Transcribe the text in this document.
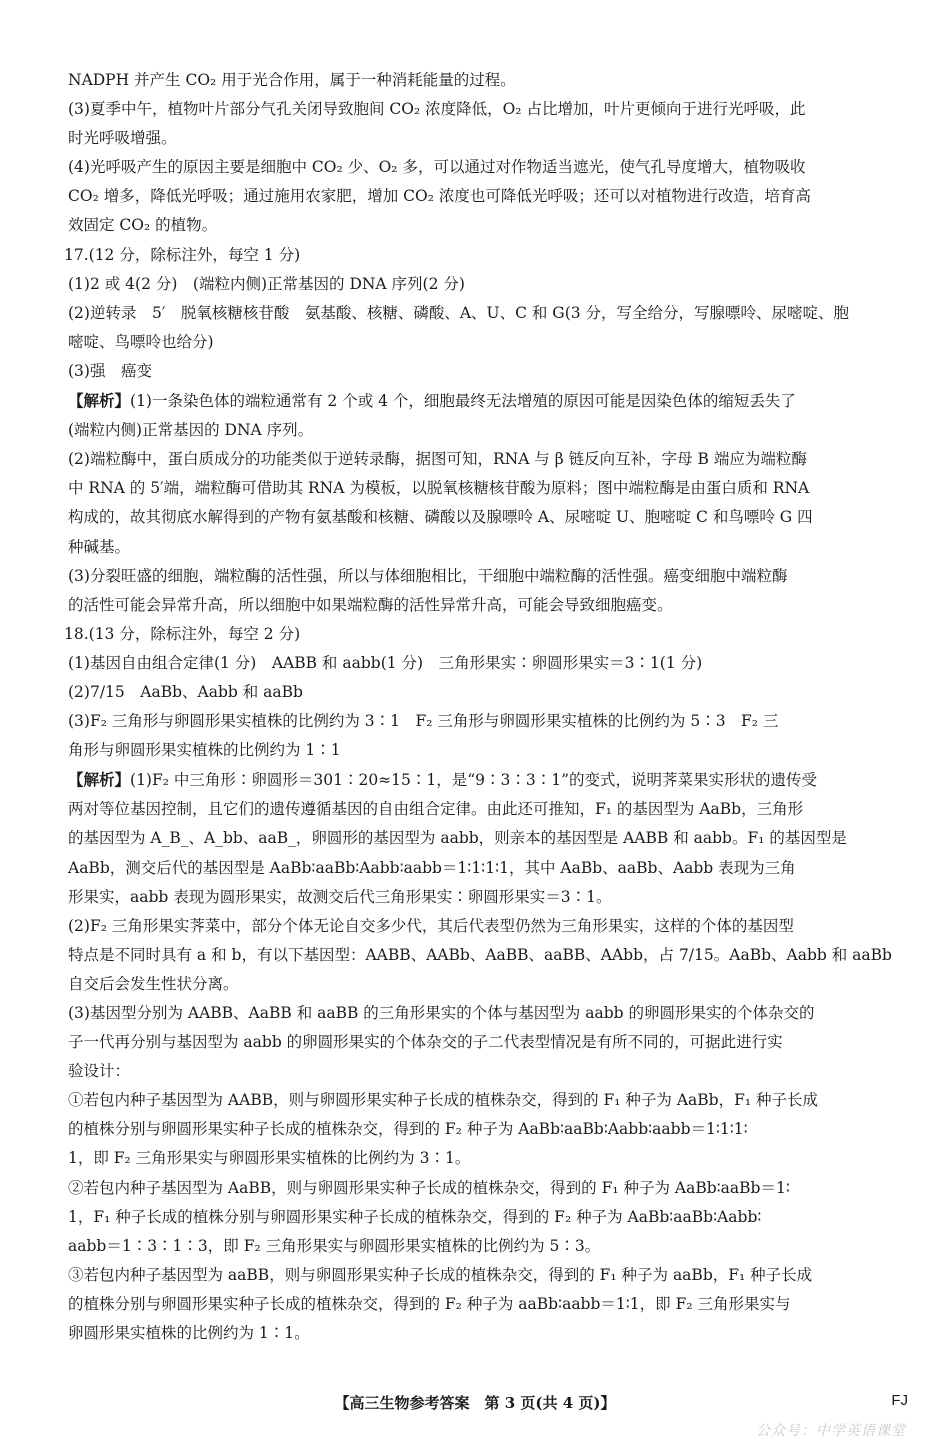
NADPH 并产生 CO₂ 用于光合作用，属于一种消耗能量的过程。

(3)夏季中午，植物叶片部分气孔关闭导致胞间 CO₂ 浓度降低，O₂ 占比增加，叶片更倾向于进行光呼吸，此

时光呼吸增强。

(4)光呼吸产生的原因主要是细胞中 CO₂ 少、O₂ 多，可以通过对作物适当遮光，使气孔导度增大，植物吸收

CO₂ 增多，降低光呼吸；通过施用农家肥，增加 CO₂ 浓度也可降低光呼吸；还可以对植物进行改造，培育高

效固定 CO₂ 的植物。

17.(12 分，除标注外，每空 1 分)

(1)2 或 4(2 分)　(端粒内侧)正常基因的 DNA 序列(2 分)

(2)逆转录　5′　脱氧核糖核苷酸　氨基酸、核糖、磷酸、A、U、C 和 G(3 分，写全给分，写腺嘌呤、尿嘧啶、胞

嘧啶、鸟嘌呤也给分)

(3)强　癌变

【解析】(1)一条染色体的端粒通常有 2 个或 4 个，细胞最终无法增殖的原因可能是因染色体的缩短丢失了

(端粒内侧)正常基因的 DNA 序列。

(2)端粒酶中，蛋白质成分的功能类似于逆转录酶，据图可知，RNA 与 β 链反向互补，字母 B 端应为端粒酶

中 RNA 的 5′端，端粒酶可借助其 RNA 为模板，以脱氧核糖核苷酸为原料；图中端粒酶是由蛋白质和 RNA

构成的，故其彻底水解得到的产物有氨基酸和核糖、磷酸以及腺嘌呤 A、尿嘧啶 U、胞嘧啶 C 和鸟嘌呤 G 四

种碱基。

(3)分裂旺盛的细胞，端粒酶的活性强，所以与体细胞相比，干细胞中端粒酶的活性强。癌变细胞中端粒酶

的活性可能会异常升高，所以细胞中如果端粒酶的活性异常升高，可能会导致细胞癌变。

18.(13 分，除标注外，每空 2 分)

(1)基因自由组合定律(1 分)　AABB 和 aabb(1 分)　三角形果实∶卵圆形果实＝3∶1(1 分)

(2)7/15　AaBb、Aabb 和 aaBb

(3)F₂ 三角形与卵圆形果实植株的比例约为 3∶1　F₂ 三角形与卵圆形果实植株的比例约为 5∶3　F₂ 三

角形与卵圆形果实植株的比例约为 1∶1

【解析】(1)F₂ 中三角形∶卵圆形＝301∶20≈15∶1，是“9∶3∶3∶1”的变式，说明荠菜果实形状的遗传受

两对等位基因控制，且它们的遗传遵循基因的自由组合定律。由此还可推知，F₁ 的基因型为 AaBb，三角形

的基因型为 A_B_、A_bb、aaB_，卵圆形的基因型为 aabb，则亲本的基因型是 AABB 和 aabb。F₁ 的基因型是

AaBb，测交后代的基因型是 AaBb∶aaBb∶Aabb∶aabb＝1∶1∶1∶1，其中 AaBb、aaBb、Aabb 表现为三角

形果实，aabb 表现为圆形果实，故测交后代三角形果实∶卵圆形果实＝3∶1。

(2)F₂ 三角形果实荠菜中，部分个体无论自交多少代，其后代表型仍然为三角形果实，这样的个体的基因型

特点是不同时具有 a 和 b，有以下基因型：AABB、AABb、AaBB、aaBB、AAbb，占 7/15。AaBb、Aabb 和 aaBb

自交后会发生性状分离。

(3)基因型分别为 AABB、AaBB 和 aaBB 的三角形果实的个体与基因型为 aabb 的卵圆形果实的个体杂交的

子一代再分别与基因型为 aabb 的卵圆形果实的个体杂交的子二代表型情况是有所不同的，可据此进行实

验设计：

①若包内种子基因型为 AABB，则与卵圆形果实种子长成的植株杂交，得到的 F₁ 种子为 AaBb，F₁ 种子长成

的植株分别与卵圆形果实种子长成的植株杂交，得到的 F₂ 种子为 AaBb∶aaBb∶Aabb∶aabb＝1∶1∶1∶

1，即 F₂ 三角形果实与卵圆形果实植株的比例约为 3∶1。

②若包内种子基因型为 AaBB，则与卵圆形果实种子长成的植株杂交，得到的 F₁ 种子为 AaBb∶aaBb＝1∶

1，F₁ 种子长成的植株分别与卵圆形果实种子长成的植株杂交，得到的 F₂ 种子为 AaBb∶aaBb∶Aabb∶

aabb＝1∶3∶1∶3，即 F₂ 三角形果实与卵圆形果实植株的比例约为 5∶3。

③若包内种子基因型为 aaBB，则与卵圆形果实种子长成的植株杂交，得到的 F₁ 种子为 aaBb，F₁ 种子长成

的植株分别与卵圆形果实种子长成的植株杂交，得到的 F₂ 种子为 aaBb∶aabb＝1∶1，即 F₂ 三角形果实与

卵圆形果实植株的比例约为 1∶1。

【高三生物参考答案　第 3 页(共 4 页)】	FJ
公众号：中学英语课堂
